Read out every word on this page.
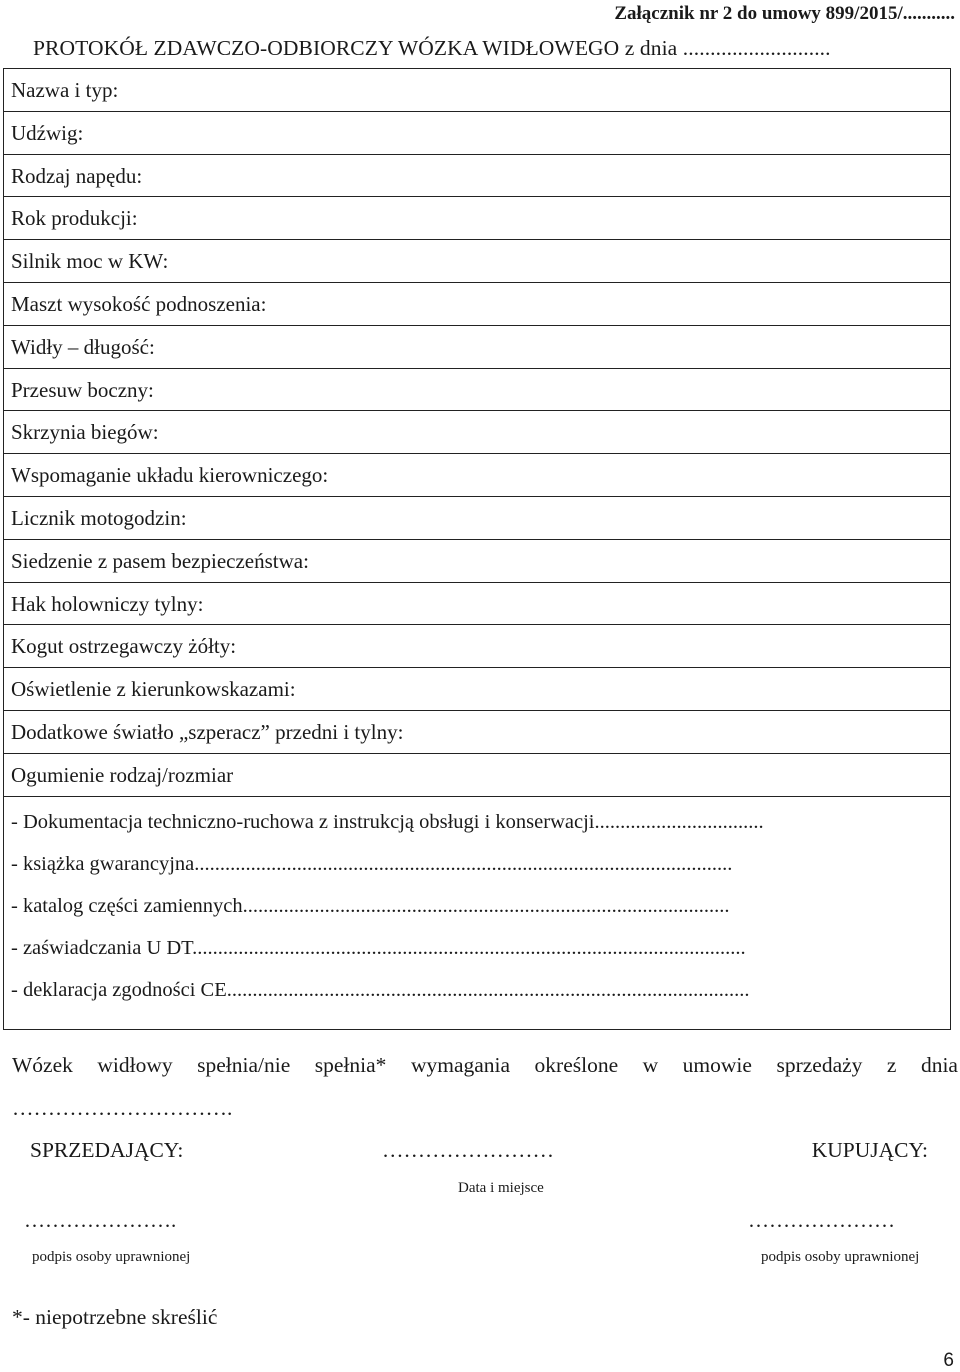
Załącznik nr 2 do umowy 899/2015/...........
PROTOKÓŁ ZDAWCZO-ODBIORCZY WÓZKA WIDŁOWEGO z dnia ...........................
Nazwa i typ:
Udźwig:
Rodzaj napędu:
Rok produkcji:
Silnik moc w KW:
Maszt wysokość podnoszenia:
Widły – długość:
Przesuw boczny:
Skrzynia biegów:
Wspomaganie układu kierowniczego:
Licznik motogodzin:
Siedzenie z pasem bezpieczeństwa:
Hak holowniczy tylny:
Kogut ostrzegawczy żółty:
Oświetlenie z kierunkowskazami:
Dodatkowe światło „szperacz” przedni i tylny:
Ogumienie rodzaj/rozmiar
- Dokumentacja techniczno-ruchowa z instrukcją obsługi i konserwacji.................................
- książka gwarancyjna.........................................................................................................
- katalog części zamiennych...............................................................................................
- zaświadczania U DT............................................................................................................
- deklaracja zgodności CE......................................................................................................
Wózek widłowy spełnia/nie spełnia* wymagania określone w umowie sprzedaży z dnia
………………………….
SPRZEDAJĄCY:	……………………	KUPUJĄCY:
Data i miejsce
………………….	…………………
podpis osoby uprawnionej	podpis osoby uprawnionej
*- niepotrzebne skreślić
6
